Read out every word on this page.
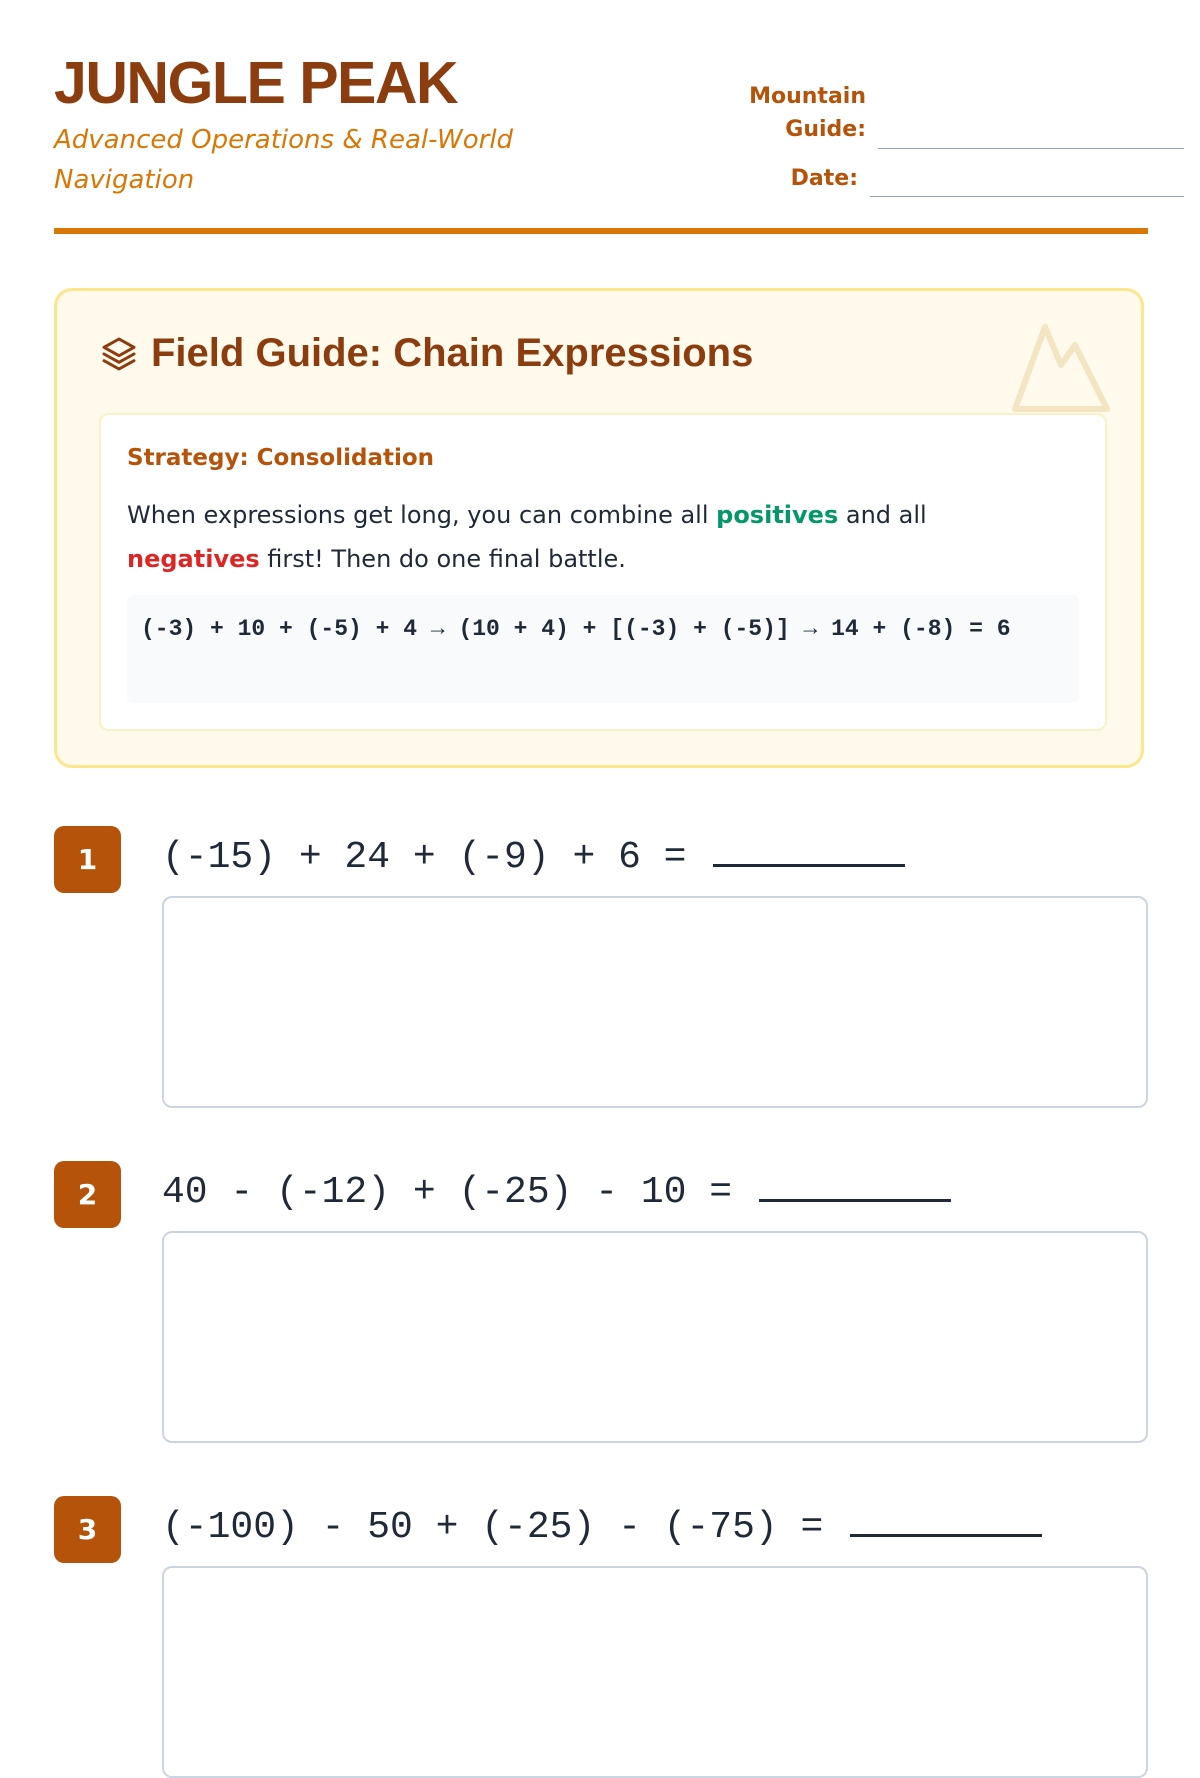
JUNGLE PEAK
Advanced Operations & Real-World Navigation
Mountain
Guide:
Date:
Field Guide: Chain Expressions
Strategy: Consolidation
When expressions get long, you can combine all positives and all
negatives first! Then do one final battle.
(-3) + 10 + (-5) + 4 → (10 + 4) + [(-3) + (-5)] → 14 + (-8) = 6
1	(-15) + 24 + (-9) + 6 =
2	40 - (-12) + (-25) - 10 =
3	(-100) - 50 + (-25) - (-75) =
